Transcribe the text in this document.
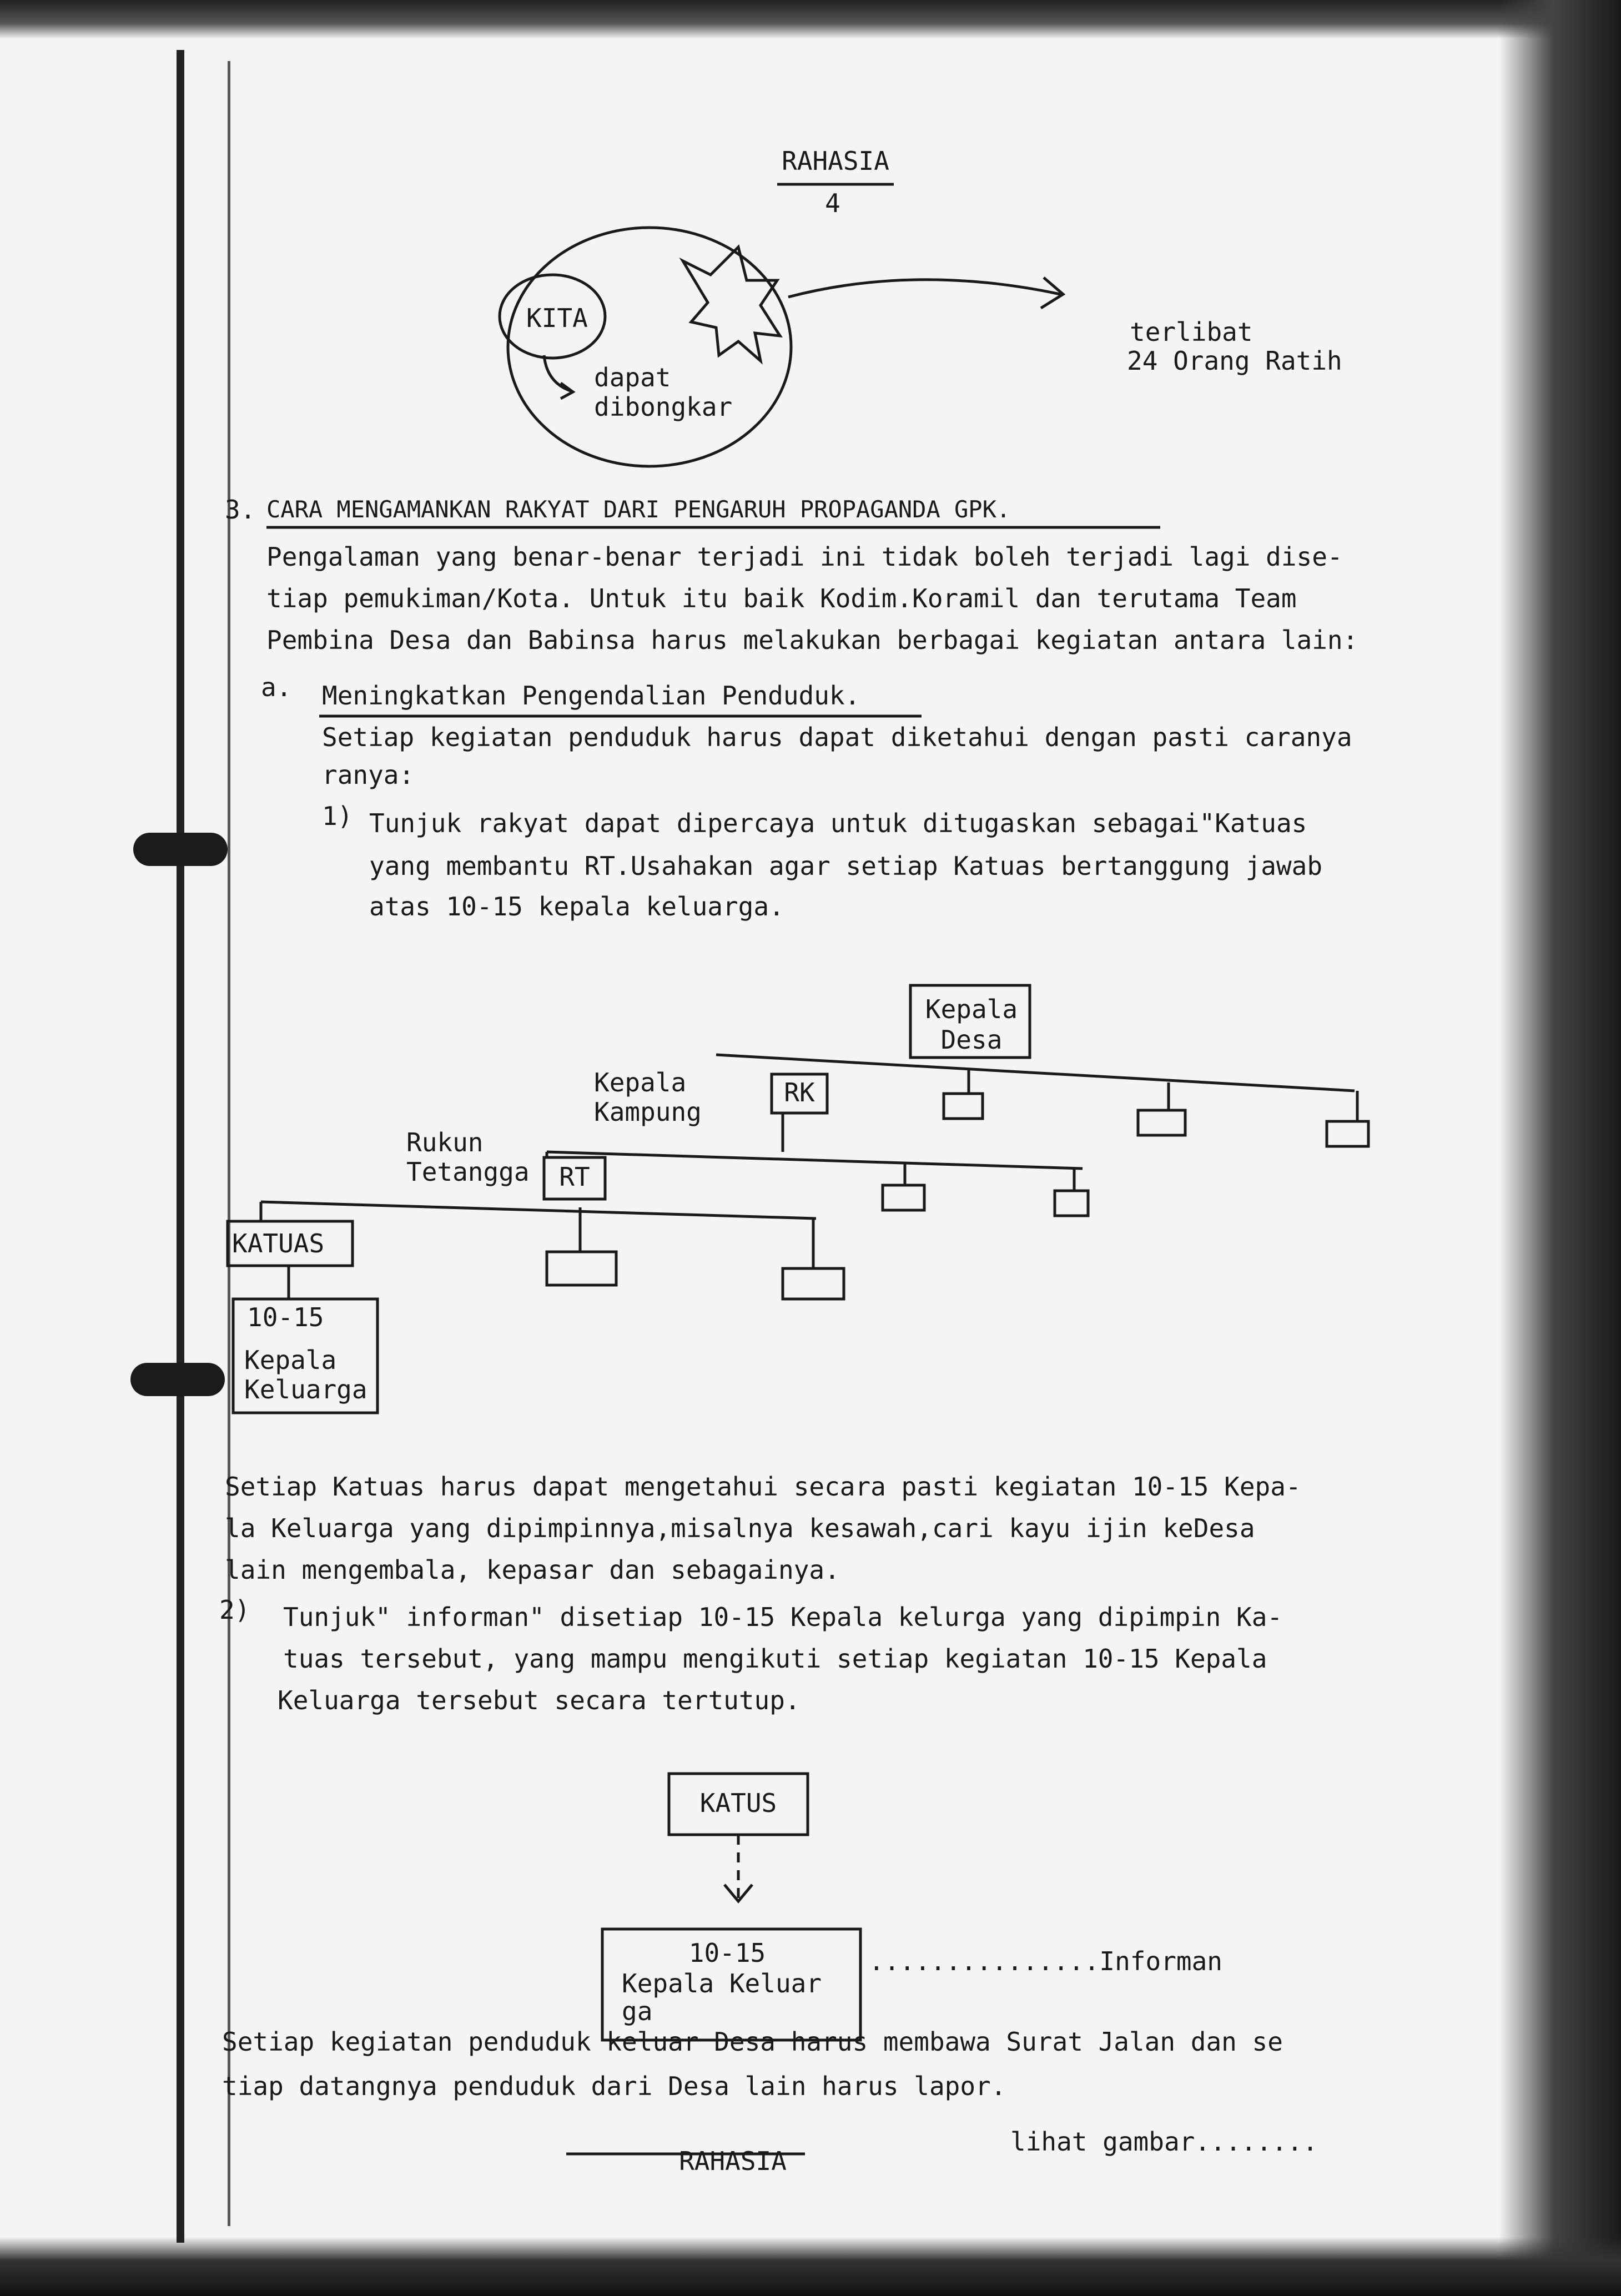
RAHASIA
4
KITA
dapat
dibongkar
terlibat
24 Orang Ratih
3. CARA MENGAMANKAN RAKYAT DARI PENGARUH PROPAGANDA GPK.
Pengalaman yang benar-benar terjadi ini tidak boleh terjadi lagi dise-
tiap pemukiman/Kota. Untuk itu baik Kodim.Koramil dan terutama Team
Pembina Desa dan Babinsa harus melakukan berbagai kegiatan antara lain:
a. Meningkatkan Pengendalian Penduduk.
Setiap kegiatan penduduk harus dapat diketahui dengan pasti caranya
ranya:
1) Tunjuk rakyat dapat dipercaya untuk ditugaskan sebagai"Katuas
yang membantu RT.Usahakan agar setiap Katuas bertanggung jawab
atas 10-15 kepala keluarga.
Kepala
Desa
Kepala
Kampung
RK
Rukun
Tetangga	RT
KATUAS
10-15
Kepala
Keluarga
Setiap Katuas harus dapat mengetahui secara pasti kegiatan 10-15 Kepa-
la Keluarga yang dipimpinnya,misalnya kesawah,cari kayu ijin keDesa
lain mengembala, kepasar dan sebagainya.
2) Tunjuk" informan" disetiap 10-15 Kepala kelurga yang dipimpin Ka-
tuas tersebut, yang mampu mengikuti setiap kegiatan 10-15 Kepala
Keluarga tersebut secara tertutup.
KATUS
10-15
Kepala Keluar
ga
...............Informan
Setiap kegiatan penduduk keluar Desa harus membawa Surat Jalan dan se
tiap datangnya penduduk dari Desa lain harus lapor.
lihat gambar........
RAHASIA
